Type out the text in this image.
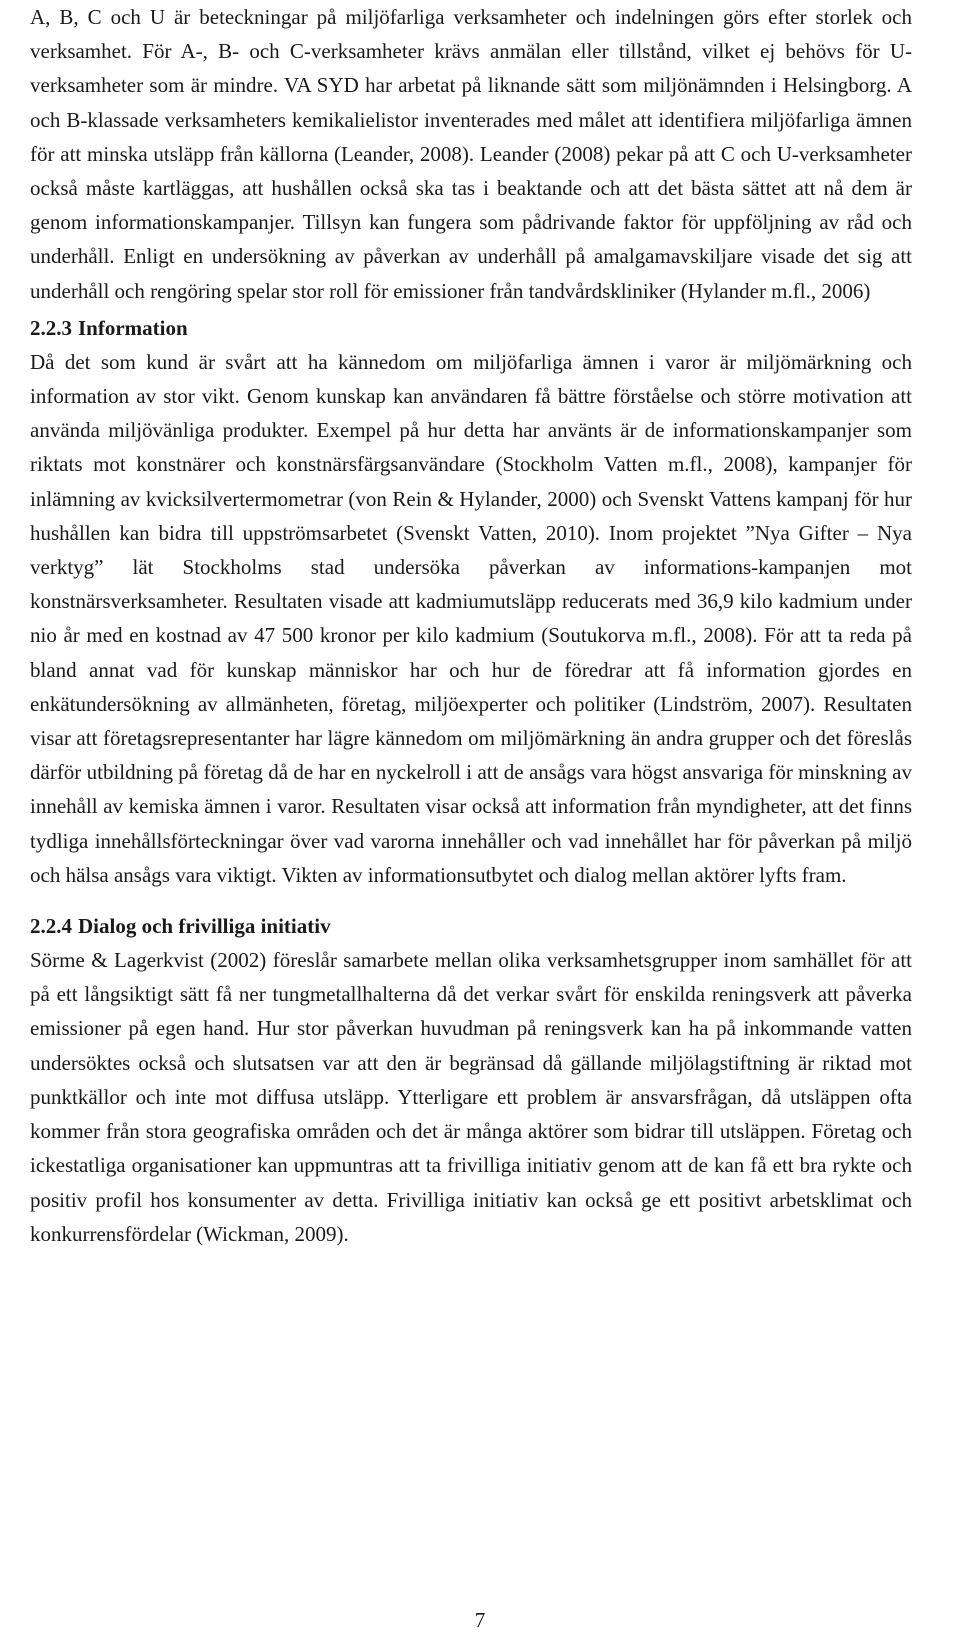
A, B, C och U är beteckningar på miljöfarliga verksamheter och indelningen görs efter storlek och verksamhet. För A-, B- och C-verksamheter krävs anmälan eller tillstånd, vilket ej behövs för U-verksamheter som är mindre. VA SYD har arbetat på liknande sätt som miljönämnden i Helsingborg. A och B-klassade verksamheters kemikalielistor inventerades med målet att identifiera miljöfarliga ämnen för att minska utsläpp från källorna (Leander, 2008). Leander (2008) pekar på att C och U-verksamheter också måste kartläggas, att hushållen också ska tas i beaktande och att det bästa sättet att nå dem är genom informationskampanjer. Tillsyn kan fungera som pådrivande faktor för uppföljning av råd och underhåll. Enligt en undersökning av påverkan av underhåll på amalgamavskiljare visade det sig att underhåll och rengöring spelar stor roll för emissioner från tandvårdskliniker (Hylander m.fl., 2006)

2.2.3 Information

Då det som kund är svårt att ha kännedom om miljöfarliga ämnen i varor är miljömärkning och information av stor vikt. Genom kunskap kan användaren få bättre förståelse och större motivation att använda miljövänliga produkter. Exempel på hur detta har använts är de informationskampanjer som riktats mot konstnärer och konstnärsfärgsanvändare (Stockholm Vatten m.fl., 2008), kampanjer för inlämning av kvicksilvertermometrar (von Rein & Hylander, 2000) och Svenskt Vattens kampanj för hur hushållen kan bidra till uppströmsarbetet (Svenskt Vatten, 2010). Inom projektet ”Nya Gifter – Nya verktyg” lät Stockholms stad undersöka påverkan av informations-kampanjen mot konstnärsverksamheter. Resultaten visade att kadmiumutsläpp reducerats med 36,9 kilo kadmium under nio år med en kostnad av 47 500 kronor per kilo kadmium (Soutukorva m.fl., 2008). För att ta reda på bland annat vad för kunskap människor har och hur de föredrar att få information gjordes en enkätundersökning av allmänheten, företag, miljöexperter och politiker (Lindström, 2007). Resultaten visar att företagsrepresentanter har lägre kännedom om miljömärkning än andra grupper och det föreslås därför utbildning på företag då de har en nyckelroll i att de ansågs vara högst ansvariga för minskning av innehåll av kemiska ämnen i varor. Resultaten visar också att information från myndigheter, att det finns tydliga innehållsförteckningar över vad varorna innehåller och vad innehållet har för påverkan på miljö och hälsa ansågs vara viktigt. Vikten av informationsutbytet och dialog mellan aktörer lyfts fram.

2.2.4 Dialog och frivilliga initiativ

Sörme & Lagerkvist (2002) föreslår samarbete mellan olika verksamhetsgrupper inom samhället för att på ett långsiktigt sätt få ner tungmetallhalterna då det verkar svårt för enskilda reningsverk att påverka emissioner på egen hand. Hur stor påverkan huvudman på reningsverk kan ha på inkommande vatten undersöktes också och slutsatsen var att den är begränsad då gällande miljölagstiftning är riktad mot punktkällor och inte mot diffusa utsläpp. Ytterligare ett problem är ansvarsfrågan, då utsläppen ofta kommer från stora geografiska områden och det är många aktörer som bidrar till utsläppen. Företag och ickestatliga organisationer kan uppmuntras att ta frivilliga initiativ genom att de kan få ett bra rykte och positiv profil hos konsumenter av detta. Frivilliga initiativ kan också ge ett positivt arbetsklimat och konkurrensfördelar (Wickman, 2009).

7
